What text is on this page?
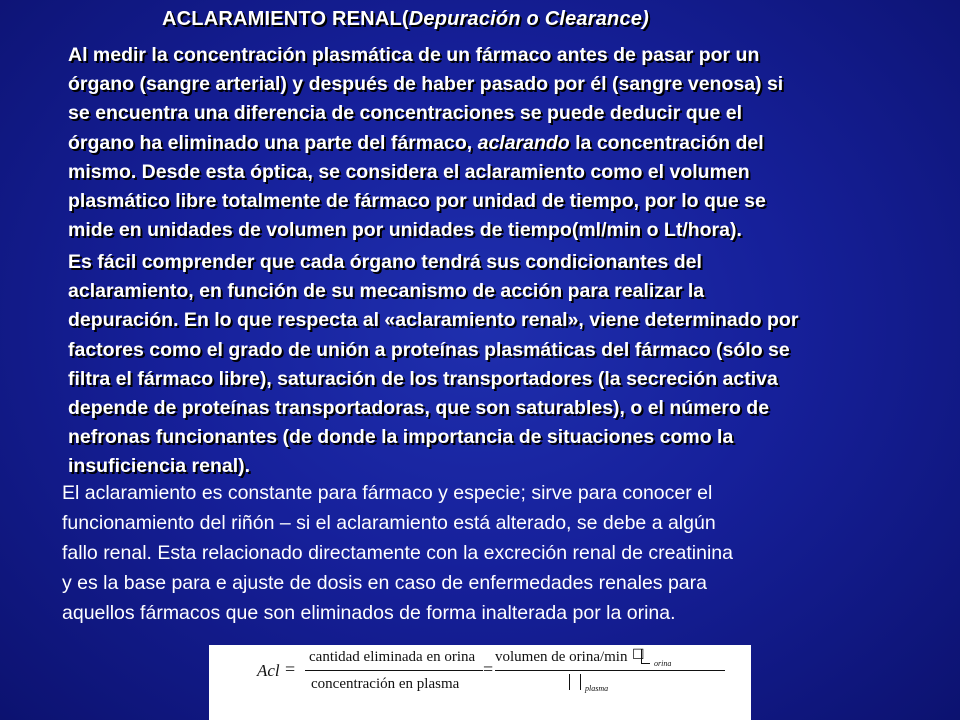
ACLARAMIENTO RENAL(Depuración o Clearance)

Al medir la concentración plasmática de un fármaco antes de pasar por un
órgano (sangre arterial) y después de haber pasado por él (sangre venosa) si
se encuentra una diferencia de concentraciones se puede deducir que el
órgano ha eliminado una parte del fármaco, aclarando la concentración del
mismo. Desde esta óptica, se considera el aclaramiento como el volumen
plasmático libre totalmente de fármaco por unidad de tiempo, por lo que se
mide en unidades de volumen por unidades de tiempo(ml/min o Lt/hora).

Es fácil comprender que cada órgano tendrá sus condicionantes del
aclaramiento, en función de su mecanismo de acción para realizar la
depuración. En lo que respecta al «aclaramiento renal», viene determinado por
factores como el grado de unión a proteínas plasmáticas del fármaco (sólo se
filtra el fármaco libre), saturación de los transportadores (la secreción activa
depende de proteínas transportadoras, que son saturables), o el número de
nefronas funcionantes (de donde la importancia de situaciones como la
insuficiencia renal).

El aclaramiento es constante para fármaco y especie; sirve para conocer el
funcionamiento del riñón – si el aclaramiento está alterado, se debe a algún
fallo renal. Esta relacionado directamente con la excreción renal de creatinina
y es la base para e ajuste de dosis en caso de enfermedades renales para
aquellos fármacos que son eliminados de forma inalterada por la orina.

Acl =
cantidad eliminada en orina
concentración en plasma
=
volumen de orina/min ☐
orina
plasma
